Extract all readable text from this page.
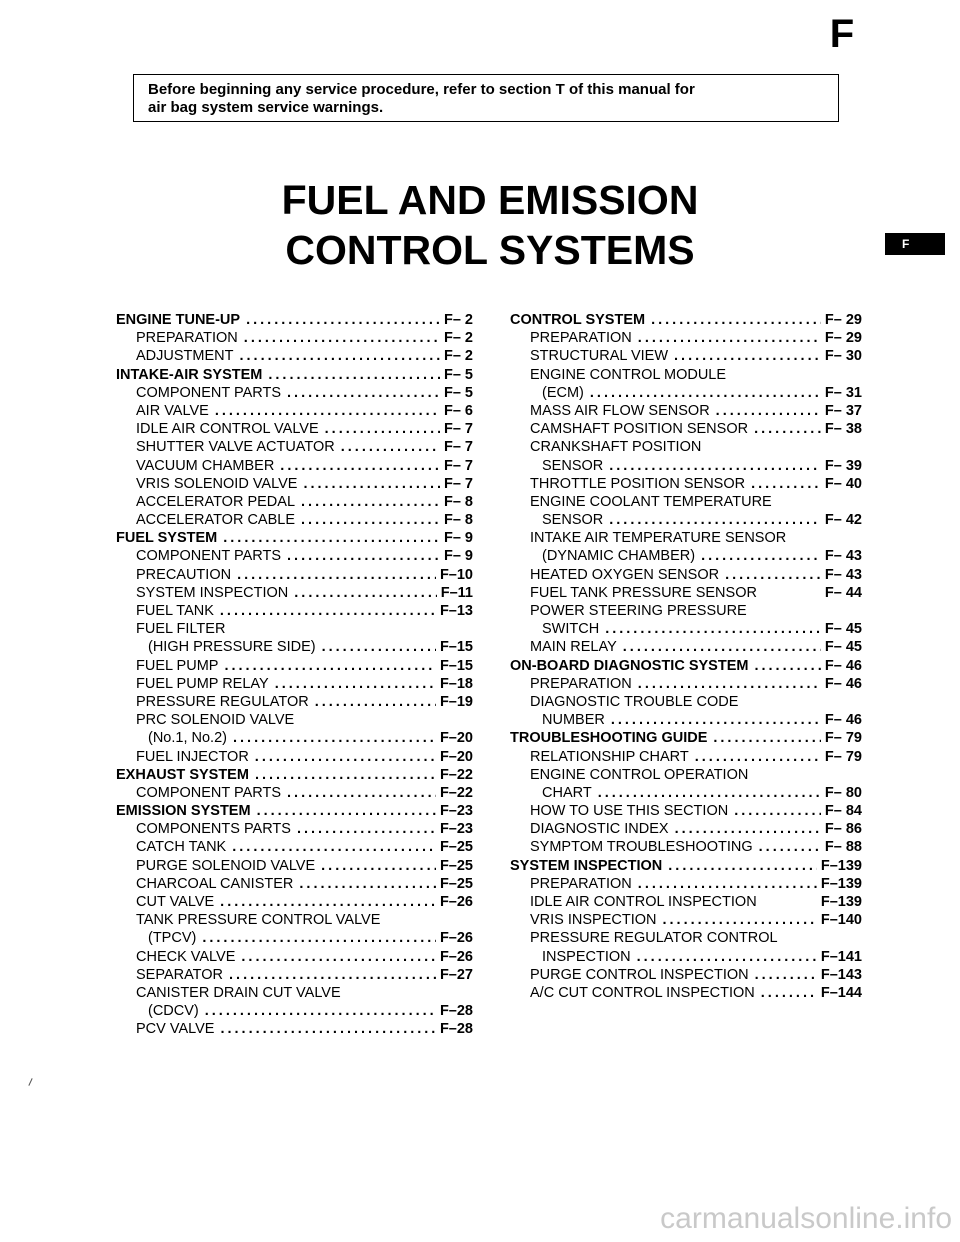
F
Before beginning any service procedure, refer to section T of this manual for
air bag system service warnings.
FUEL AND EMISSION
CONTROL SYSTEMS	F
ENGINE TUNE-UP .....	F– 2
PREPARATION .....	F– 2
ADJUSTMENT .....	F– 2
INTAKE-AIR SYSTEM .....	F– 5
COMPONENT PARTS .....	F– 5
AIR VALVE .....	F– 6
IDLE AIR CONTROL VALVE .....	F– 7
SHUTTER VALVE ACTUATOR .....	F– 7
VACUUM CHAMBER .....	F– 7
VRIS SOLENOID VALVE .....	F– 7
ACCELERATOR PEDAL .....	F– 8
ACCELERATOR CABLE .....	F– 8
FUEL SYSTEM .....	F– 9
COMPONENT PARTS .....	F– 9
PRECAUTION .....	F–10
SYSTEM INSPECTION .....	F–11
FUEL TANK .....	F–13
FUEL FILTER
(HIGH PRESSURE SIDE) .....	F–15
FUEL PUMP .....	F–15
FUEL PUMP RELAY .....	F–18
PRESSURE REGULATOR .....	F–19
PRC SOLENOID VALVE
(No.1, No.2) .....	F–20
FUEL INJECTOR .....	F–20
EXHAUST SYSTEM .....	F–22
COMPONENT PARTS .....	F–22
EMISSION SYSTEM .....	F–23
COMPONENTS PARTS .....	F–23
CATCH TANK .....	F–25
PURGE SOLENOID VALVE .....	F–25
CHARCOAL CANISTER .....	F–25
CUT VALVE .....	F–26
TANK PRESSURE CONTROL VALVE
(TPCV) .....	F–26
CHECK VALVE .....	F–26
SEPARATOR .....	F–27
CANISTER DRAIN CUT VALVE
(CDCV) .....	F–28
PCV VALVE .....	F–28
CONTROL SYSTEM .....	F– 29
PREPARATION .....	F– 29
STRUCTURAL VIEW .....	F– 30
ENGINE CONTROL MODULE
(ECM) .....	F– 31
MASS AIR FLOW SENSOR .....	F– 37
CAMSHAFT POSITION SENSOR .....	F– 38
CRANKSHAFT POSITION
SENSOR .....	F– 39
THROTTLE POSITION SENSOR .....	F– 40
ENGINE COOLANT TEMPERATURE
SENSOR .....	F– 42
INTAKE AIR TEMPERATURE SENSOR
(DYNAMIC CHAMBER) .....	F– 43
HEATED OXYGEN SENSOR .....	F– 43
FUEL TANK PRESSURE SENSOR	F– 44
POWER STEERING PRESSURE
SWITCH .....	F– 45
MAIN RELAY .....	F– 45
ON-BOARD DIAGNOSTIC SYSTEM .....	F– 46
PREPARATION .....	F– 46
DIAGNOSTIC TROUBLE CODE
NUMBER .....	F– 46
TROUBLESHOOTING GUIDE .....	F– 79
RELATIONSHIP CHART .....	F– 79
ENGINE CONTROL OPERATION
CHART .....	F– 80
HOW TO USE THIS SECTION .....	F– 84
DIAGNOSTIC INDEX .....	F– 86
SYMPTOM TROUBLESHOOTING .....	F– 88
SYSTEM INSPECTION .....	F–139
PREPARATION .....	F–139
IDLE AIR CONTROL INSPECTION	F–139
VRIS INSPECTION .....	F–140
PRESSURE REGULATOR CONTROL
INSPECTION .....	F–141
PURGE CONTROL INSPECTION .....	F–143
A/C CUT CONTROL INSPECTION .....	F–144
carmanualsonline.info
